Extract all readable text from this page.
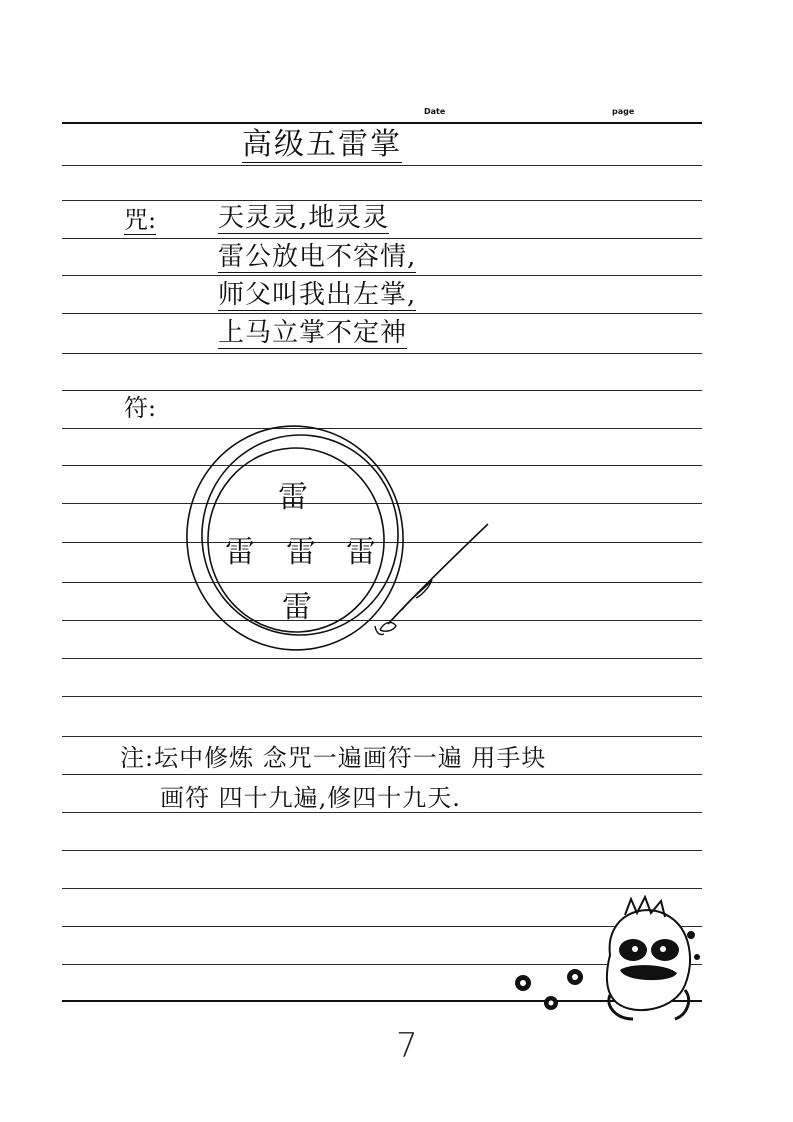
Date	page
高级五雷掌
咒: 天灵灵,地灵灵
雷公放电不容情,
师父叫我出左掌,
上马立掌不定神
符:
雷
雷 雷 雷
雷
注:坛中修炼 念咒一遍画符一遍 用手块
画符 四十九遍,修四十九天.
7
